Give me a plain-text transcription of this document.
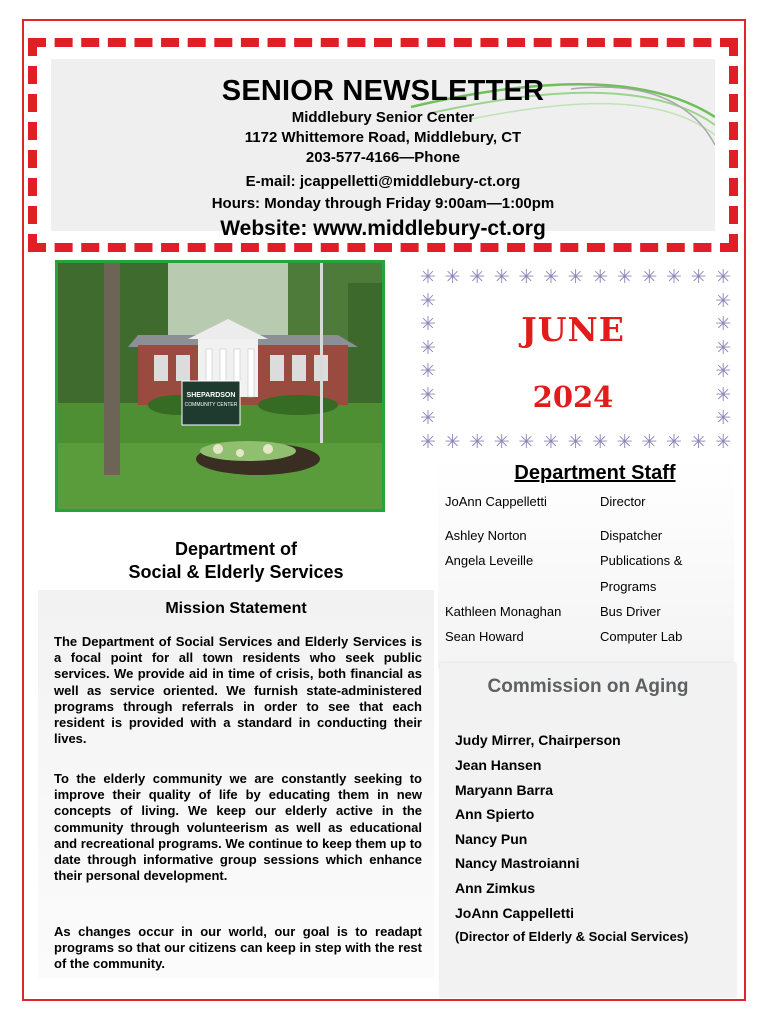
SENIOR NEWSLETTER
Middlebury Senior Center
1172 Whittemore Road, Middlebury, CT
203-577-4166—Phone
E-mail: jcappelletti@middlebury-ct.org
Hours: Monday through Friday 9:00am—1:00pm
Website: www.middlebury-ct.org
SHEPARDSON
COMMUNITY CENTER
✳
✳
✳
✳
✳
✳
✳
✳
✳
✳
✳
✳
✳
✳
✳
✳
✳
✳
✳
✳
✳
✳
✳
✳
✳
✳
✳	✳
✳	✳
✳	✳
✳	✳
✳	✳
✳	✳
JUNE
2024
Department Staff
JoAnn Cappelletti	Director
Ashley Norton	Dispatcher
Angela Leveille	Publications &
Programs
Kathleen Monaghan	Bus Driver
Sean Howard	Computer Lab
Department of
Social & Elderly Services
Mission Statement
The Department of Social Services and Elderly Services is a focal point for all town residents who seek public services. We provide aid in time of crisis, both financial as well as service oriented. We furnish state-administered programs through referrals in order to see that each resident is provided with a standard in conducting their lives.
To the elderly community we are constantly seeking to improve their quality of life by educating them in new concepts of living. We keep our elderly active in the community through volunteerism as well as educational and recreational programs. We continue to keep them up to date through informative group sessions which enhance their personal development.
As changes occur in our world, our goal is to readapt programs so that our citizens can keep in step with the rest of the community.
Commission on Aging
Judy Mirrer, Chairperson
Jean Hansen
Maryann Barra
Ann Spierto
Nancy Pun
Nancy Mastroianni
Ann Zimkus
JoAnn Cappelletti
(Director of Elderly & Social Services)
